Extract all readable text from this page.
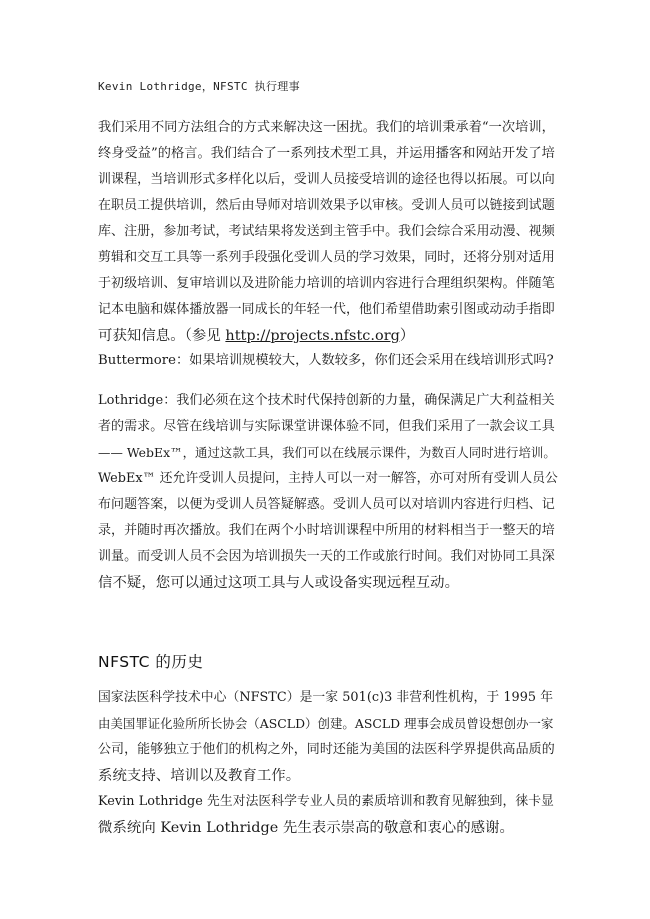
Kevin Lothridge，NFSTC 执行理事
我们采用不同方法组合的方式来解决这一困扰。我们的培训秉承着“一次培训，
终身受益”的格言。我们结合了一系列技术型工具，并运用播客和网站开发了培
训课程，当培训形式多样化以后，受训人员接受培训的途径也得以拓展。可以向
在职员工提供培训，然后由导师对培训效果予以审核。受训人员可以链接到试题
库、注册，参加考试，考试结果将发送到主管手中。我们会综合采用动漫、视频
剪辑和交互工具等一系列手段强化受训人员的学习效果，同时，还将分别对适用
于初级培训、复审培训以及进阶能力培训的培训内容进行合理组织架构。伴随笔
记本电脑和媒体播放器一同成长的年轻一代，他们希望借助索引图或动动手指即
可获知信息。（参见 http://projects.nfstc.org）
Buttermore：如果培训规模较大，人数较多，你们还会采用在线培训形式吗?
Lothridge：我们必须在这个技术时代保持创新的力量，确保满足广大利益相关
者的需求。尽管在线培训与实际课堂讲课体验不同，但我们采用了一款会议工具
—— WebEx™，通过这款工具，我们可以在线展示课件，为数百人同时进行培训。
WebEx™ 还允许受训人员提问，主持人可以一对一解答，亦可对所有受训人员公
布问题答案，以便为受训人员答疑解惑。受训人员可以对培训内容进行归档、记
录，并随时再次播放。我们在两个小时培训课程中所用的材料相当于一整天的培
训量。而受训人员不会因为培训损失一天的工作或旅行时间。我们对协同工具深
信不疑，您可以通过这项工具与人或设备实现远程互动。
NFSTC 的历史
国家法医科学技术中心（NFSTC）是一家 501(c)3 非营利性机构，于 1995 年
由美国罪证化验所所长协会（ASCLD）创建。ASCLD 理事会成员曾设想创办一家
公司，能够独立于他们的机构之外，同时还能为美国的法医科学界提供高品质的
系统支持、培训以及教育工作。
Kevin Lothridge 先生对法医科学专业人员的素质培训和教育见解独到，徕卡显
微系统向 Kevin Lothridge 先生表示崇高的敬意和衷心的感谢。
